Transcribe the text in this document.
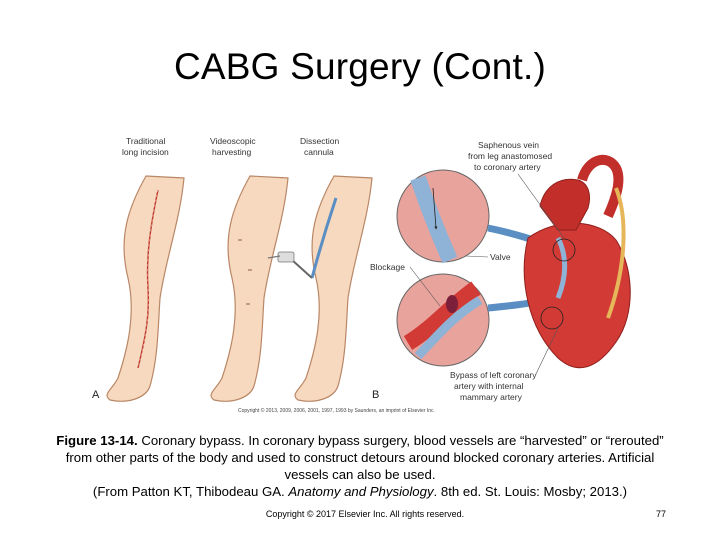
CABG Surgery (Cont.)
A	B
Traditional
long incision
Videoscopic
harvesting
Dissection
cannula
Saphenous vein
from leg anastomosed
to coronary artery
Valve
Blockage
Bypass of left coronary
artery with internal
mammary artery
Copyright © 2013, 2009, 2006, 2001, 1997, 1993 by Saunders, an imprint of Elsevier Inc.
Figure 13-14. Coronary bypass. In coronary bypass surgery, blood vessels are “harvested” or “rerouted” from other parts of the body and used to construct detours around blocked coronary arteries. Artificial vessels can also be used.
(From Patton KT, Thibodeau GA. Anatomy and Physiology. 8th ed. St. Louis: Mosby; 2013.)
Copyright © 2017 Elsevier Inc. All rights reserved.	77
